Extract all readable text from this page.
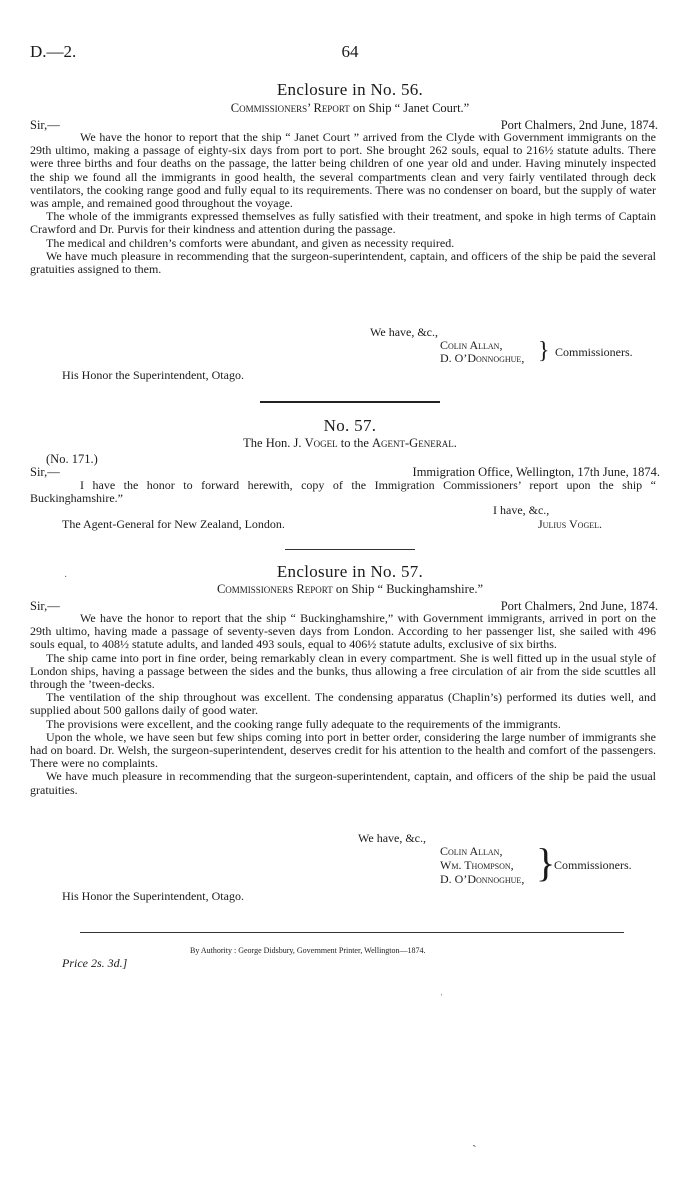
D.—2.	64
Enclosure in No. 56.
Commissioners’ Report on Ship “ Janet Court.”
Sir,—	Port Chalmers, 2nd June, 1874.

We have the honor to report that the ship “ Janet Court ” arrived from the Clyde with Government immigrants on the 29th ultimo, making a passage of eighty-six days from port to port. She brought 262 souls, equal to 216½ statute adults. There were three births and four deaths on the passage, the latter being children of one year old and under. Having minutely inspected the ship we found all the immigrants in good health, the several compartments clean and very fairly ventilated through deck ventilators, the cooking range good and fully equal to its requirements. There was no condenser on board, but the supply of water was ample, and remained good throughout the voyage.

The whole of the immigrants expressed themselves as fully satisfied with their treatment, and spoke in high terms of Captain Crawford and Dr. Purvis for their kindness and attention during the passage.

The medical and children’s comforts were abundant, and given as necessity required.

We have much pleasure in recommending that the surgeon-superintendent, captain, and officers of the ship be paid the several gratuities assigned to them.

We have, &c.,
Colin Allan,
D. O’Donnoghue, } Commissioners.
His Honor the Superintendent, Otago.
No. 57.
The Hon. J. Vogel to the Agent-General.
(No. 171.)
Sir,—	Immigration Office, Wellington, 17th June, 1874.

I have the honor to forward herewith, copy of the Immigration Commissioners’ report upon the ship “ Buckinghamshire.”

I have, &c.,
The Agent-General for New Zealand, London.	Julius Vogel.
Enclosure in No. 57.
Commissioners Report on Ship “ Buckinghamshire.”
·
Sir,—	Port Chalmers, 2nd June, 1874.

We have the honor to report that the ship “ Buckinghamshire,” with Government immigrants, arrived in port on the 29th ultimo, having made a passage of seventy-seven days from London. According to her passenger list, she sailed with 496 souls equal, to 408½ statute adults, and landed 493 souls, equal to 406½ statute adults, exclusive of six births.

The ship came into port in fine order, being remarkably clean in every compartment. She is well fitted up in the usual style of London ships, having a passage between the sides and the bunks, thus allowing a free circulation of air from the side scuttles all through the ’tween-decks.

The ventilation of the ship throughout was excellent. The condensing apparatus (Chaplin’s) performed its duties well, and supplied about 500 gallons daily of good water.

The provisions were excellent, and the cooking range fully adequate to the requirements of the immigrants.

Upon the whole, we have seen but few ships coming into port in better order, considering the large number of immigrants she had on board. Dr. Welsh, the surgeon-superintendent, deserves credit for his attention to the health and comfort of the passengers. There were no complaints.

We have much pleasure in recommending that the surgeon-superintendent, captain, and officers of the ship be paid the usual gratuities.

We have, &c.,
Colin Allan,
Wm. Thompson,
D. O’Donnoghue, }
Commissioners.
His Honor the Superintendent, Otago.
By Authority : George Didsbury, Government Printer, Wellington—1874.
Price 2s. 3d.]
ˈ
ˎ
